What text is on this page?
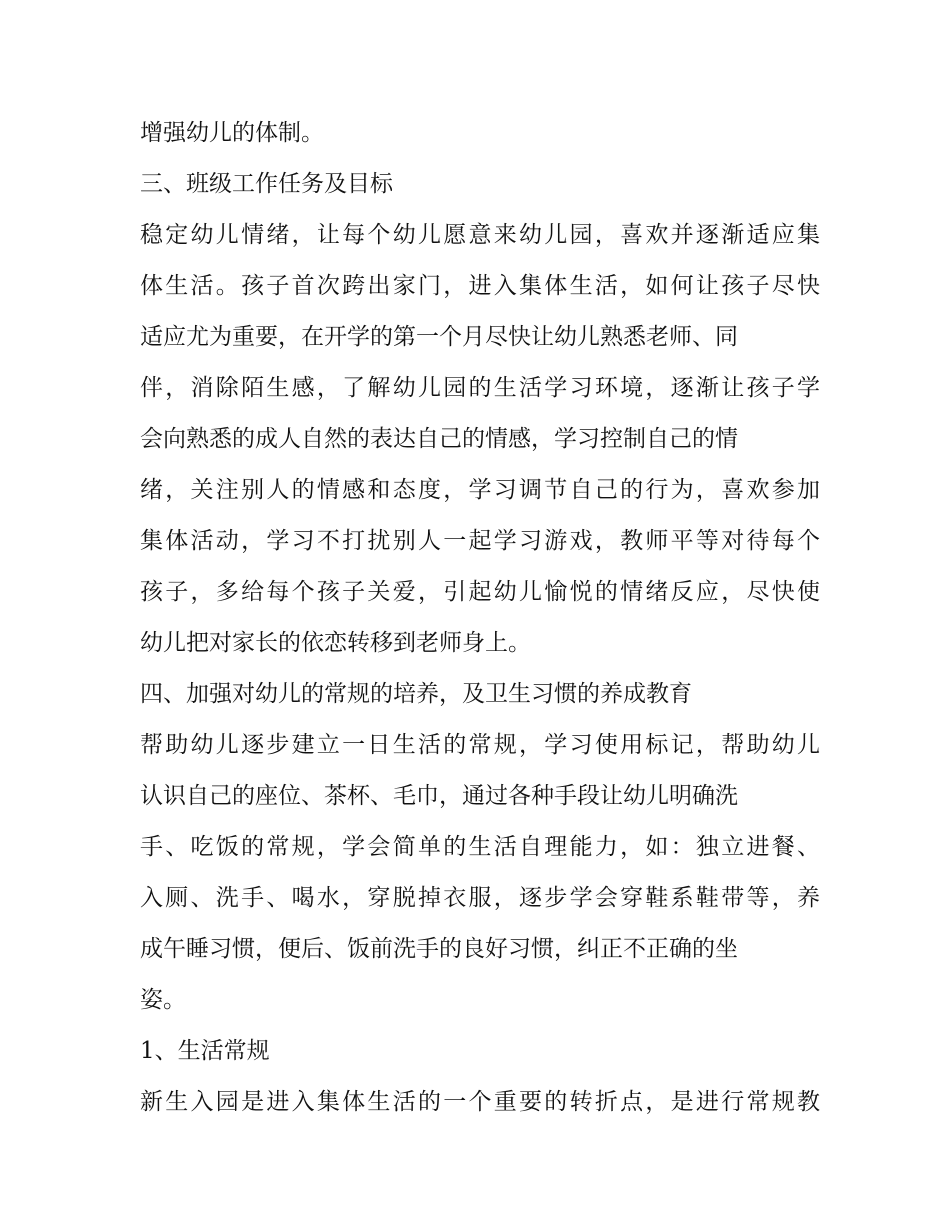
增强幼儿的体制。
三、班级工作任务及目标
稳定幼儿情绪，让每个幼儿愿意来幼儿园，喜欢并逐渐适应集
体生活。孩子首次跨出家门，进入集体生活，如何让孩子尽快
适应尤为重要，在开学的第一个月尽快让幼儿熟悉老师、同
伴，消除陌生感，了解幼儿园的生活学习环境，逐渐让孩子学
会向熟悉的成人自然的表达自己的情感，学习控制自己的情
绪，关注别人的情感和态度，学习调节自己的行为，喜欢参加
集体活动，学习不打扰别人一起学习游戏，教师平等对待每个
孩子，多给每个孩子关爱，引起幼儿愉悦的情绪反应，尽快使
幼儿把对家长的依恋转移到老师身上。
四、加强对幼儿的常规的培养，及卫生习惯的养成教育
帮助幼儿逐步建立一日生活的常规，学习使用标记，帮助幼儿
认识自己的座位、茶杯、毛巾，通过各种手段让幼儿明确洗
手、吃饭的常规，学会简单的生活自理能力，如：独立进餐、
入厕、洗手、喝水，穿脱掉衣服，逐步学会穿鞋系鞋带等，养
成午睡习惯，便后、饭前洗手的良好习惯，纠正不正确的坐
姿。
1、生活常规
新生入园是进入集体生活的一个重要的转折点，是进行常规教
